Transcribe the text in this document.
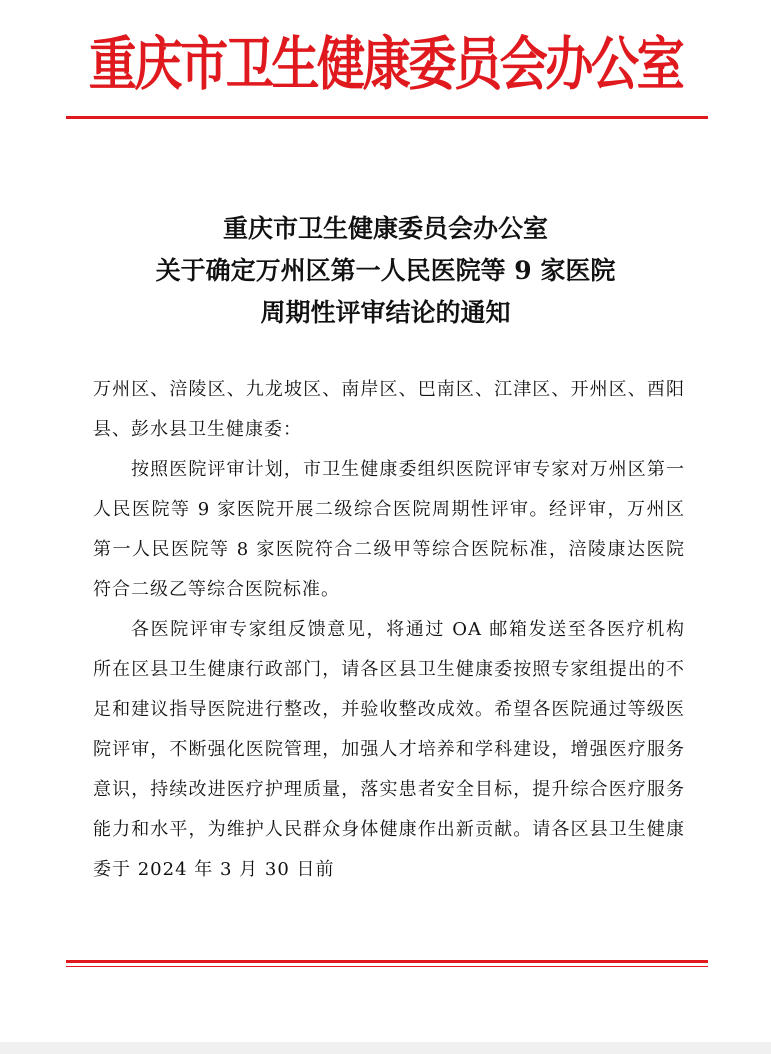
重庆市卫生健康委员会办公室
重庆市卫生健康委员会办公室
关于确定万州区第一人民医院等 9 家医院
周期性评审结论的通知

万州区、涪陵区、九龙坡区、南岸区、巴南区、江津区、开州区、酉阳县、彭水县卫生健康委：

按照医院评审计划，市卫生健康委组织医院评审专家对万州区第一人民医院等 9 家医院开展二级综合医院周期性评审。经评审，万州区第一人民医院等 8 家医院符合二级甲等综合医院标准，涪陵康达医院符合二级乙等综合医院标准。

各医院评审专家组反馈意见，将通过 OA 邮箱发送至各医疗机构所在区县卫生健康行政部门，请各区县卫生健康委按照专家组提出的不足和建议指导医院进行整改，并验收整改成效。希望各医院通过等级医院评审，不断强化医院管理，加强人才培养和学科建设，增强医疗服务意识，持续改进医疗护理质量，落实患者安全目标，提升综合医疗服务能力和水平，为维护人民群众身体健康作出新贡献。请各区县卫生健康委于 2024 年 3 月 30 日前
